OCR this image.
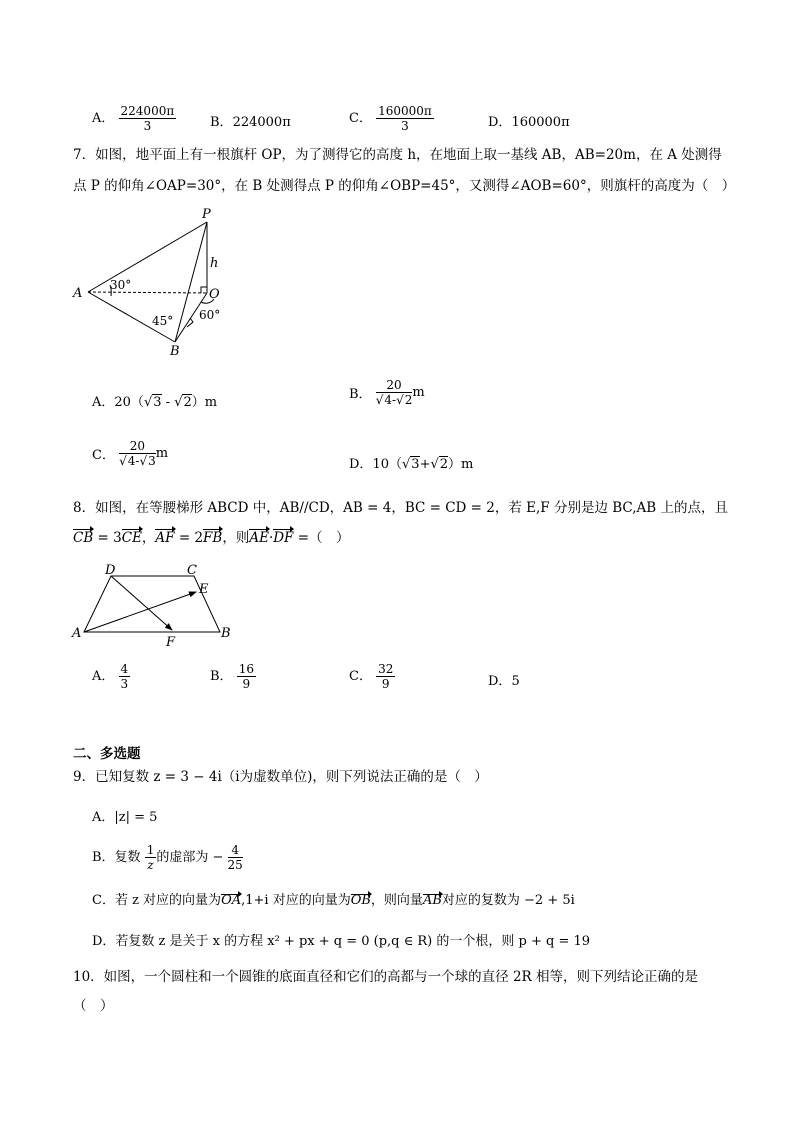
A． $\frac{224000\pi}{3}$	B．224000π	C． $\frac{160000\pi}{3}$	D．160000π
7．如图，地平面上有一根旗杆 OP，为了测得它的高度 h，在地面上取一基线 AB，AB=20m，在 A 处测得
点 P 的仰角∠OAP=30°，在 B 处测得点 P 的仰角∠OBP=45°，又测得∠AOB=60°，则旗杆的高度为（　）
P
A	O
B
h
30°
45° 60°
A．20（√3 - √2）m
B． $\frac{20}{√4-√2}$ m
C． $\frac{20}{√4-√3}$ m
D．10（√3+√2）m
8．如图，在等腰梯形 ABCD 中，AB//CD，AB = 4，BC = CD = 2，若 E,F 分别是边 BC,AB 上的点，且
CB = 3CE，AF = 2FB，则AE·DF =（　）
D	C
E
A
F
B
A． $\frac{4}{3}$	B． $\frac{16}{9}$	C． $\frac{32}{9}$	D．5
二、多选题
9．已知复数 z = 3 − 4i（i为虚数单位)，则下列说法正确的是（　）
A．|z| = 5
B．复数 $\frac{1}{z}$ 的虚部为 − $\frac{4}{25}$
C．若 z 对应的向量为OA,1+i 对应的向量为OB，则向量AB对应的复数为 −2 + 5i
D．若复数 z 是关于 x 的方程 x² + px + q = 0 (p,q ∈ R) 的一个根，则 p + q = 19
10．如图，一个圆柱和一个圆锥的底面直径和它们的高都与一个球的直径 2R 相等，则下列结论正确的是
（　）
